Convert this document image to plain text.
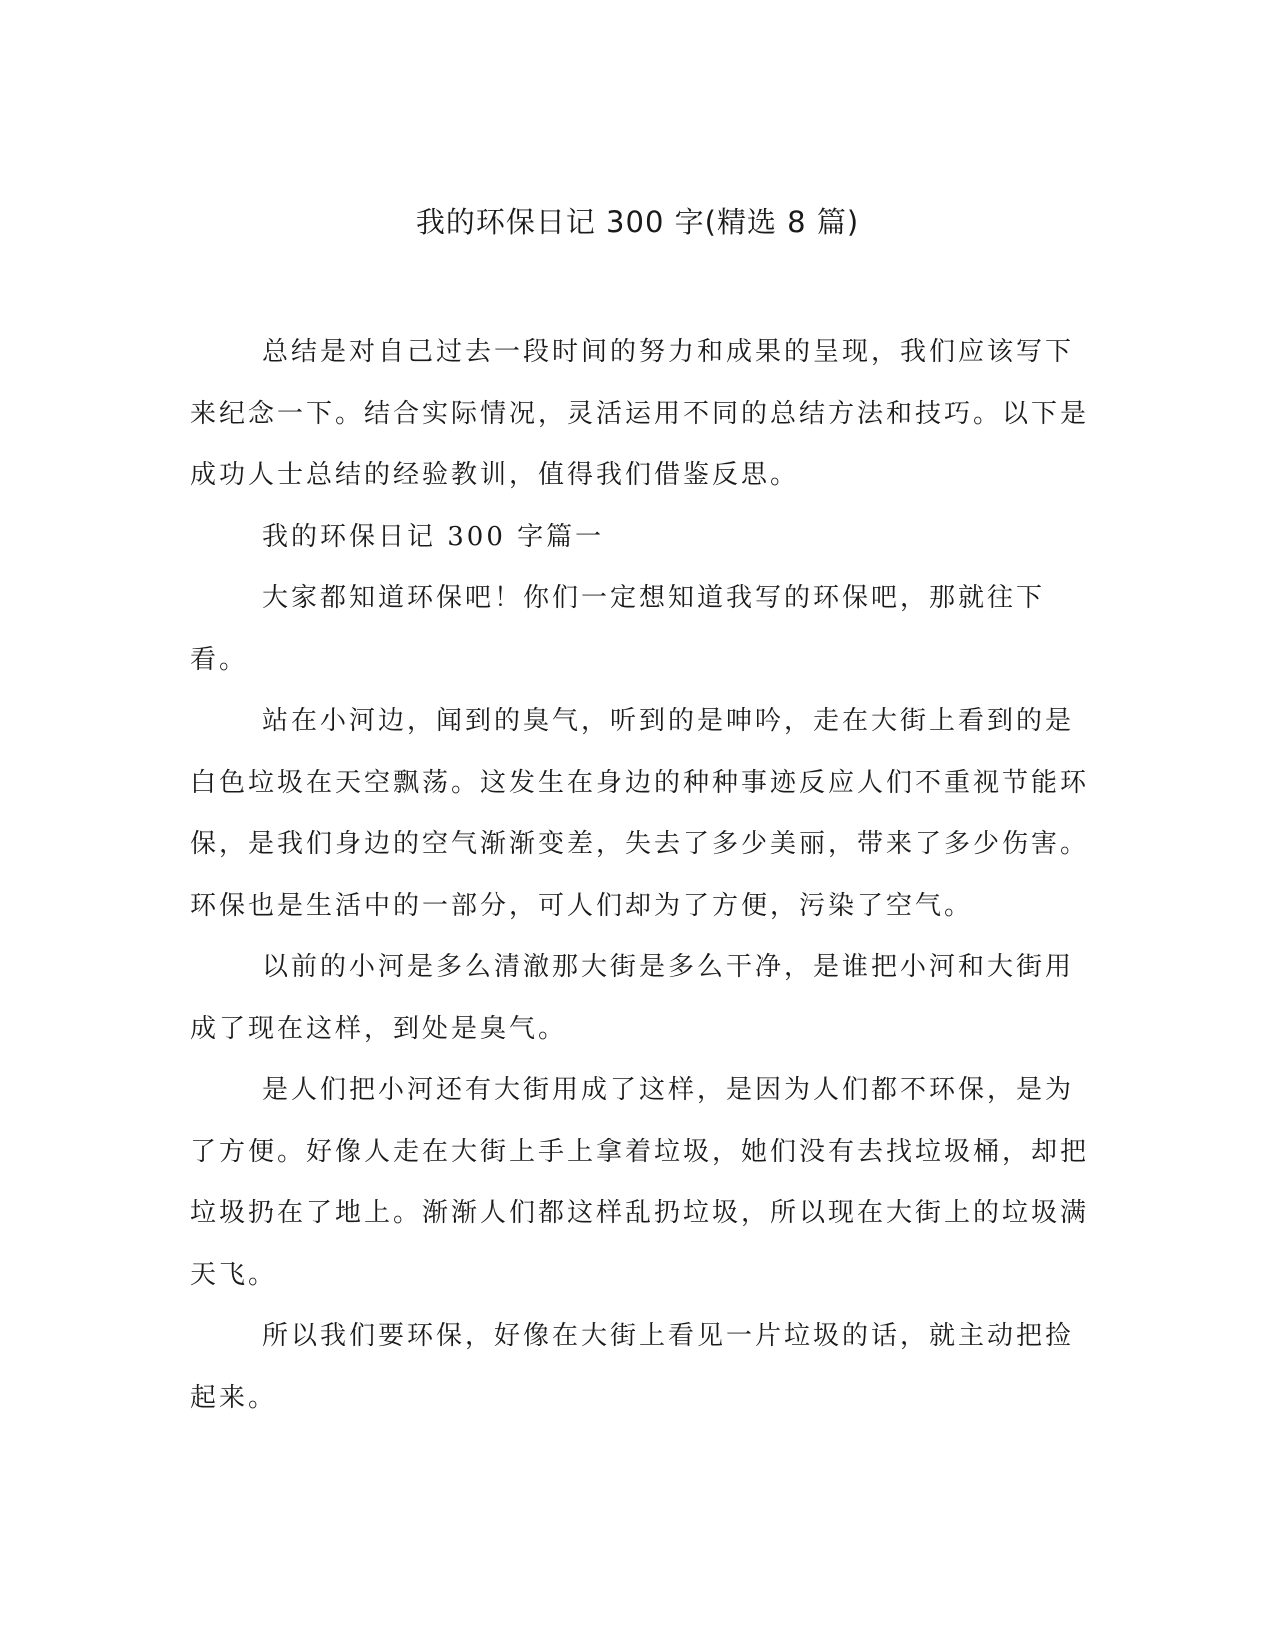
我的环保日记 300 字(精选 8 篇)

总结是对自己过去一段时间的努力和成果的呈现，我们应该写下来纪念一下。结合实际情况，灵活运用不同的总结方法和技巧。以下是成功人士总结的经验教训，值得我们借鉴反思。

我的环保日记 300 字篇一

大家都知道环保吧！你们一定想知道我写的环保吧，那就往下看。

站在小河边，闻到的臭气，听到的是呻吟，走在大街上看到的是白色垃圾在天空飘荡。这发生在身边的种种事迹反应人们不重视节能环保，是我们身边的空气渐渐变差，失去了多少美丽，带来了多少伤害。环保也是生活中的一部分，可人们却为了方便，污染了空气。

以前的小河是多么清澈那大街是多么干净，是谁把小河和大街用成了现在这样，到处是臭气。

是人们把小河还有大街用成了这样，是因为人们都不环保，是为了方便。好像人走在大街上手上拿着垃圾，她们没有去找垃圾桶，却把垃圾扔在了地上。渐渐人们都这样乱扔垃圾，所以现在大街上的垃圾满天飞。

所以我们要环保，好像在大街上看见一片垃圾的话，就主动把捡起来。
